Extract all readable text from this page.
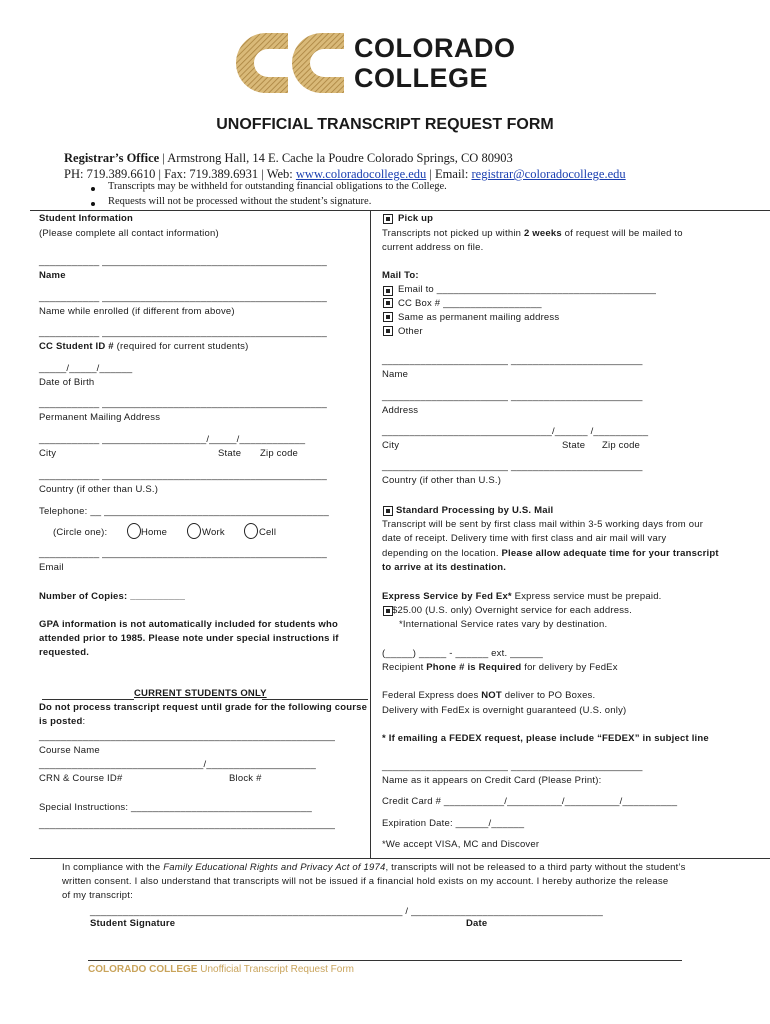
COLORADO
COLLEGE
UNOFFICIAL TRANSCRIPT REQUEST FORM
Registrar’s Office | Armstrong Hall, 14 E. Cache la Poudre Colorado Springs, CO 80903
PH: 719.389.6610 | Fax: 719.389.6931 | Web: www.coloradocollege.edu | Email: registrar@coloradocollege.edu
Transcripts may be withheld for outstanding financial obligations to the College.
Requests will not be processed without the student’s signature.
Student Information
(Please complete all contact information)
___________ _________________________________________
Name
___________ _________________________________________
Name while enrolled (if different from above)
___________ _________________________________________
CC Student ID # (required for current students)
_____/_____/______
Date of Birth
___________ _________________________________________
Permanent Mailing Address
___________ ___________________/_____/____________
City	State Zip code
___________ _________________________________________
Country (if other than U.S.)
Telephone: __ _________________________________________
(Circle one):	Home	Work	Cell
___________ _________________________________________
Email
Number of Copies: __________
GPA information is not automatically included for students who
attended prior to 1985. Please note under special instructions if
requested.
CURRENT STUDENTS ONLY
Do not process transcript request until grade for the following course
is posted:
______________________________________________________
Course Name
______________________________/____________________
CRN & Course ID#	Block #
Special Instructions: _________________________________
______________________________________________________
Pick up
Transcripts not picked up within 2 weeks of request will be mailed to
current address on file.
Mail To:
Email to ________________________________________
CC Box # __________________
Same as permanent mailing address
Other
_______________________ ________________________
Name
_______________________ ________________________
Address
_______________________________/______ /__________
City	State Zip code
_______________________ ________________________
Country (if other than U.S.)
Standard Processing by U.S. Mail
Transcript will be sent by first class mail within 3-5 working days from our
date of receipt. Delivery time with first class and air mail will vary
depending on the location. Please allow adequate time for your transcript
to arrive at its destination.
Express Service by Fed Ex* Express service must be prepaid.
$25.00 (U.S. only) Overnight service for each address.
*International Service rates vary by destination.
(_____) _____ - ______ ext. ______
Recipient Phone # is Required for delivery by FedEx
Federal Express does NOT deliver to PO Boxes.
Delivery with FedEx is overnight guaranteed (U.S. only)
* If emailing a FEDEX request, please include “FEDEX” in subject line
_______________________ ________________________
Name as it appears on Credit Card (Please Print):
Credit Card # ___________/__________/__________/__________
Expiration Date: ______/______
*We accept VISA, MC and Discover
In compliance with the Family Educational Rights and Privacy Act of 1974, transcripts will not be released to a third party without the student’s
written consent. I also understand that transcripts will not be issued if a financial hold exists on my account. I hereby authorize the release
of my transcript:
_________________________________________________________ / ___________________________________
Student Signature	Date
COLORADO COLLEGE Unofficial Transcript Request Form
